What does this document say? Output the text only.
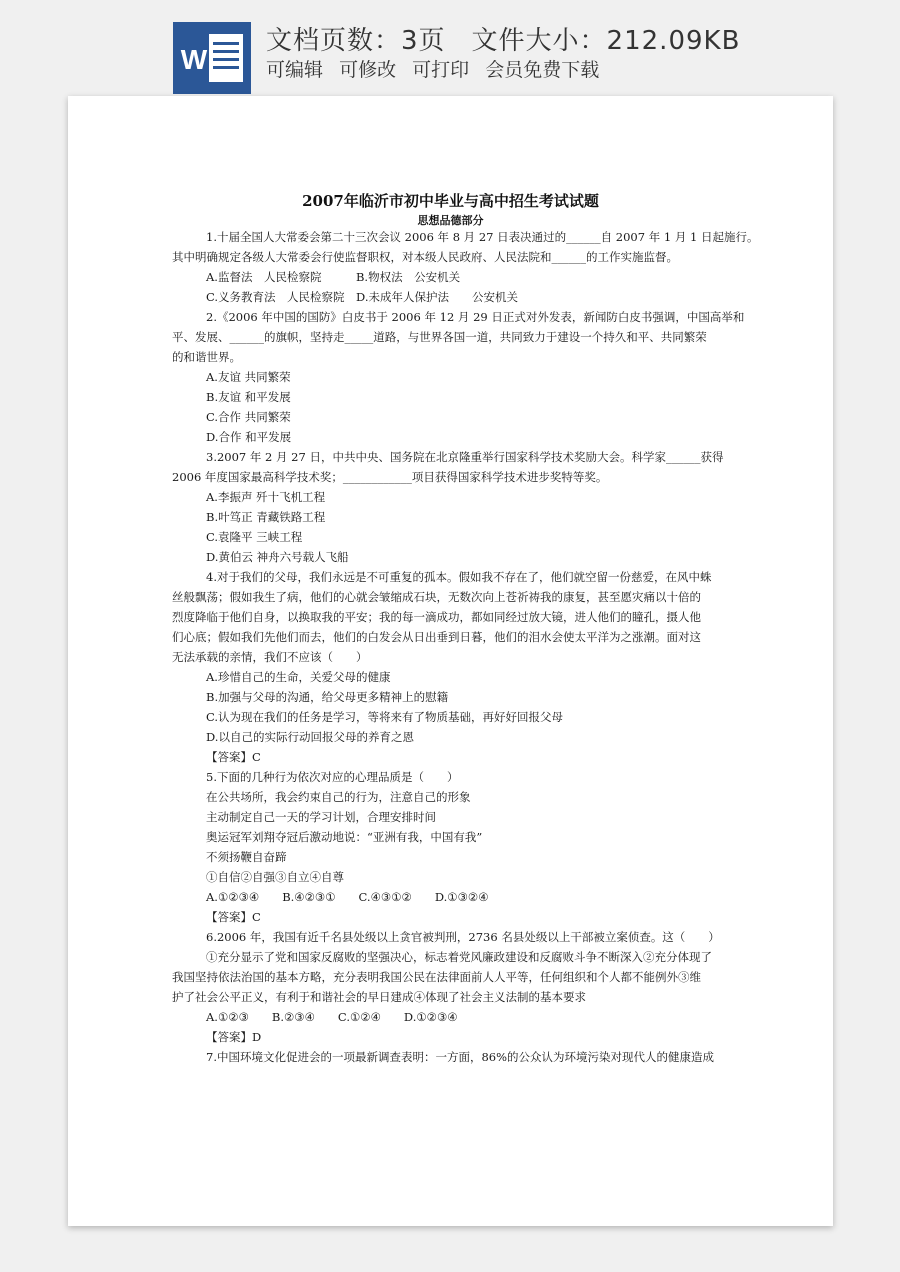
W
文档页数：3页 文件大小：212.09KB
可编辑 可修改 可打印 会员免费下载
2007年临沂市初中毕业与高中招生考试试题
思想品德部分
1.十届全国人大常委会第二十三次会议 2006 年 8 月 27 日表决通过的______自 2007 年 1 月 1 日起施行。
其中明确规定各级人大常委会行使监督职权，对本级人民政府、人民法院和______的工作实施监督。
A.监督法　人民检察院　　　B.物权法　公安机关
C.义务教育法　人民检察院　D.未成年人保护法　　公安机关
2.《2006 年中国的国防》白皮书于 2006 年 12 月 29 日正式对外发表，新闻防白皮书强调，中国高举和
平、发展、______的旗帜，坚持走_____道路，与世界各国一道，共同致力于建设一个持久和平、共同繁荣
的和谐世界。
A.友谊 共同繁荣
B.友谊 和平发展
C.合作 共同繁荣
D.合作 和平发展
3.2007 年 2 月 27 日，中共中央、国务院在北京隆重举行国家科学技术奖励大会。科学家______获得
2006 年度国家最高科学技术奖；____________项目获得国家科学技术进步奖特等奖。
A.李振声 歼十飞机工程
B.叶笃正 青藏铁路工程
C.袁隆平 三峡工程
D.黄伯云 神舟六号载人飞船
4.对于我们的父母，我们永远是不可重复的孤本。假如我不存在了，他们就空留一份慈爱，在风中蛛
丝般飘荡；假如我生了病，他们的心就会皱缩成石块，无数次向上苍祈祷我的康复，甚至愿灾痛以十倍的
烈度降临于他们自身，以换取我的平安；我的每一滴成功，都如同经过放大镜，进人他们的瞳孔，摄人他
们心底；假如我们先他们而去，他们的白发会从日出垂到日暮，他们的泪水会使太平洋为之涨潮。面对这
无法承载的亲情，我们不应该（　　）
A.珍惜自己的生命，关爱父母的健康
B.加强与父母的沟通，给父母更多精神上的慰籍
C.认为现在我们的任务是学习，等将来有了物质基础，再好好回报父母
D.以自己的实际行动回报父母的养育之恩
【答案】C
5.下面的几种行为依次对应的心理品质是（　　）
在公共场所，我会约束自己的行为，注意自己的形象
主动制定自己一天的学习计划，合理安排时间
奥运冠军刘翔夺冠后激动地说：“亚洲有我，中国有我”
不须扬鞭自奋蹄
①自信②自强③自立④自尊
A.①②③④　　B.④②③①　　C.④③①②　　D.①③②④
【答案】C
6.2006 年，我国有近千名县处级以上贪官被判刑，2736 名县处级以上干部被立案侦查。这（　　）
①充分显示了党和国家反腐败的坚强决心，标志着党风廉政建设和反腐败斗争不断深入②充分体现了
我国坚持依法治国的基本方略，充分表明我国公民在法律面前人人平等，任何组织和个人都不能例外③维
护了社会公平正义，有利于和谐社会的早日建成④体现了社会主义法制的基本要求
A.①②③　　B.②③④　　C.①②④　　D.①②③④
【答案】D
7.中国环境文化促进会的一项最新调查表明：一方面，86%的公众认为环境污染对现代人的健康造成
